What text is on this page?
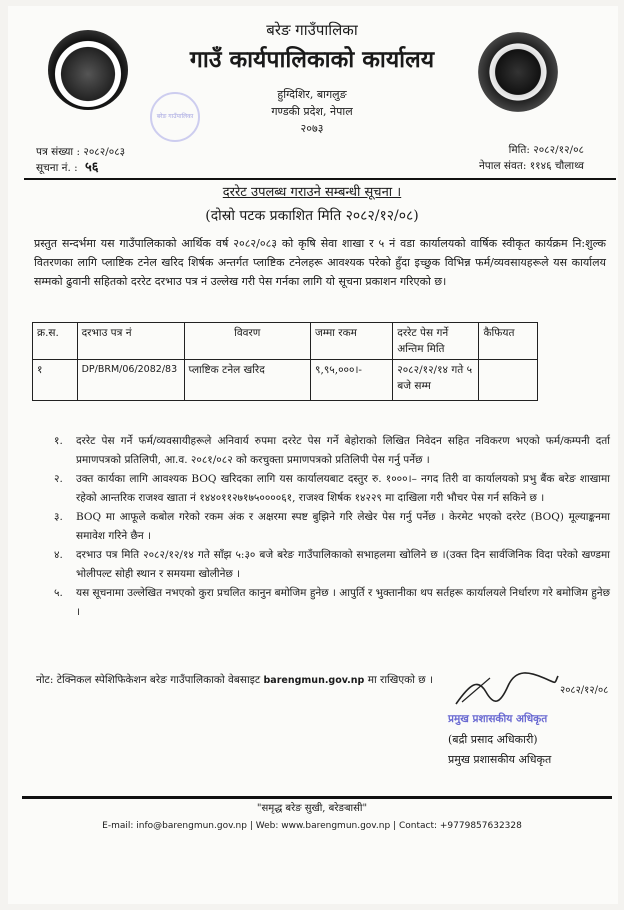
बरेङ गाउँपालिका
गाउँ कार्यपालिकाको कार्यालय
हुग्दिशिर, बागलुङ
गण्डकी प्रदेश, नेपाल
२०७३
बरेङ गाउँपालिका
पत्र संख्या : २०८२/०८३
सूचना नं. : ५६
मिति: २०८२/१२/०८
नेपाल संवत: ११४६ चौलाथ्व
दररेट उपलब्ध गराउने सम्बन्धी सूचना ।
(दोस्रो पटक प्रकाशित मिति २०८२/१२/०८)
प्रस्तुत सन्दर्भमा यस गाउँपालिकाको आर्थिक वर्ष २०८२/०८३ को कृषि सेवा शाखा र ५ नं वडा कार्यालयको वार्षिक स्वीकृत कार्यक्रम नि:शुल्क वितरणका लागि प्लाष्टिक टनेल खरिद शिर्षक अन्तर्गत प्लाष्टिक टनेलहरू आवश्यक परेको हुँदा इच्छुक विभिन्न फर्म/व्यवसायहरूले यस कार्यालय सम्मको ढुवानी सहितको दररेट दरभाउ पत्र नं उल्लेख गरी पेस गर्नका लागि यो सूचना प्रकाशन गरिएको छ।
क्र.स.	दरभाउ पत्र नं	विवरण	जम्मा रकम	दररेट पेस गर्ने अन्तिम मिति	कैफियत
१	DP/BRM/06/2082/83	प्लाष्टिक टनेल खरिद	९,९५,०००।-	२०८२/१२/१४ गते ५ बजे सम्म	
१.	दररेट पेस गर्ने फर्म/व्यवसायीहरूले अनिवार्य रुपमा दररेट पेस गर्ने बेहोराको लिखित निवेदन सहित नविकरण भएको फर्म/कम्पनी दर्ता प्रमाणपत्रको प्रतिलिपी, आ.व. २०८१/०८२ को करचुक्ता प्रमाणपत्रको प्रतिलिपी पेस गर्नु पर्नेछ ।
२.	उक्त कार्यका लागि आवश्यक BOQ खरिदका लागि यस कार्यालयबाट दस्तुर रु. १०००।– नगद तिरी वा कार्यालयको प्रभु बैंक बरेङ शाखामा रहेको आन्तरिक राजश्व खाता नं १४४०११२७१७५००००६१, राजश्व शिर्षक १४२२९ मा दाखिला गरी भौचर पेस गर्न सकिने छ ।
३.	BOQ मा आफूले कबोल गरेको रकम अंक र अक्षरमा स्पष्ट बुझिने गरि लेखेर पेस गर्नु पर्नेछ । केरमेट भएको दररेट (BOQ) मूल्याङ्कनमा समावेश गरिने छैन ।
४.	दरभाउ पत्र मिति २०८२/१२/१४ गते साँझ ५:३० बजे बरेङ गाउँपालिकाको सभाहलमा खोलिने छ ।(उक्त दिन सार्वजिनिक विदा परेको खण्डमा भोलीपल्ट सोही स्थान र समयमा खोलीनेछ ।
५.	यस सूचनामा उल्लेखित नभएको कुरा प्रचलित कानुन बमोजिम हुनेछ । आपुर्ति र भुक्तानीका थप सर्तहरू कार्यालयले निर्धारण गरे बमोजिम हुनेछ ।
नोट: टेक्निकल स्पेशिफिकेशन बरेङ गाउँपालिकाको वेबसाइट barengmun.gov.np मा राखिएको छ ।
२०८२/१२/०८
प्रमुख प्रशासकीय अधिकृत
(बद्री प्रसाद अधिकारी)
प्रमुख प्रशासकीय अधिकृत
"समृद्ध बरेङ सुखी, बरेङबासी"
E-mail: info@barengmun.gov.np | Web: www.barengmun.gov.np | Contact: +9779857632328
